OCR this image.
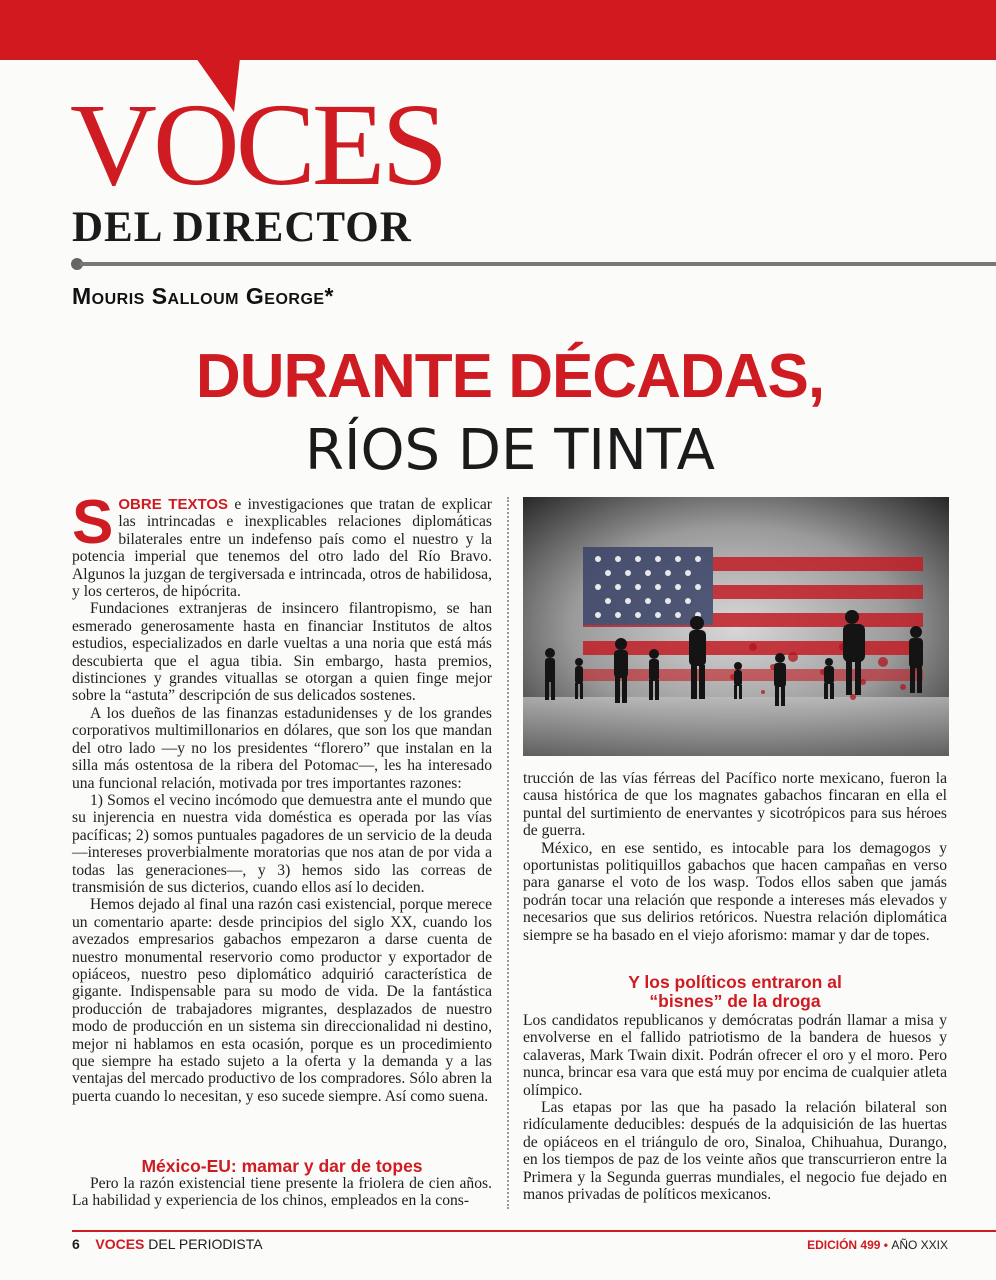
VOCES
DEL DIRECTOR
Mouris Salloum George*
DURANTE DÉCADAS,
RÍOS DE TINTA

SOBRE TEXTOS e investigaciones que tratan de explicar las intrincadas e inexplicables relaciones diplomáticas bilaterales entre un indefenso país como el nuestro y la potencia imperial que tenemos del otro lado del Río Bravo. Algunos la juzgan de tergiversada e intrincada, otros de habilidosa, y los certeros, de hipócrita.

Fundaciones extranjeras de insincero filantropismo, se han esmerado generosamente hasta en financiar Institutos de altos estudios, especializados en darle vueltas a una noria que está más descubierta que el agua tibia. Sin embargo, hasta premios, distinciones y grandes vituallas se otorgan a quien finge mejor sobre la “astuta” descripción de sus delicados sostenes.

A los dueños de las finanzas estadunidenses y de los grandes corporativos multimillonarios en dólares, que son los que mandan del otro lado —y no los presidentes “florero” que instalan en la silla más ostentosa de la ribera del Potomac—, les ha interesado una funcional relación, motivada por tres importantes razones:

1) Somos el vecino incómodo que demuestra ante el mundo que su injerencia en nuestra vida doméstica es operada por las vías pacíficas; 2) somos puntuales pagadores de un servicio de la deuda —intereses proverbialmente moratorias que nos atan de por vida a todas las generaciones—, y 3) hemos sido las correas de transmisión de sus dicterios, cuando ellos así lo deciden.

Hemos dejado al final una razón casi existencial, porque merece un comentario aparte: desde principios del siglo XX, cuando los avezados empresarios gabachos empezaron a darse cuenta de nuestro monumental reservorio como productor y exportador de opiáceos, nuestro peso diplomático adquirió característica de gigante. Indispensable para su modo de vida. De la fantástica producción de trabajadores migrantes, desplazados de nuestro modo de producción en un sistema sin direccionalidad ni destino, mejor ni hablamos en esta ocasión, porque es un procedimiento que siempre ha estado sujeto a la oferta y la demanda y a las ventajas del mercado productivo de los compradores. Sólo abren la puerta cuando lo necesitan, y eso sucede siempre. Así como suena.

México-EU: mamar y dar de topes

Pero la razón existencial tiene presente la friolera de cien años. La habilidad y experiencia de los chinos, empleados en la cons-

trucción de las vías férreas del Pacífico norte mexicano, fueron la causa histórica de que los magnates gabachos fincaran en ella el puntal del surtimiento de enervantes y sicotrópicos para sus héroes de guerra.

México, en ese sentido, es intocable para los demagogos y oportunistas politiquillos gabachos que hacen campañas en verso para ganarse el voto de los wasp. Todos ellos saben que jamás podrán tocar una relación que responde a intereses más elevados y necesarios que sus delirios retóricos. Nuestra relación diplomática siempre se ha basado en el viejo aforismo: mamar y dar de topes.

Y los políticos entraron al
“bisnes” de la droga

Los candidatos republicanos y demócratas podrán llamar a misa y envolverse en el fallido patriotismo de la bandera de huesos y calaveras, Mark Twain dixit. Podrán ofrecer el oro y el moro. Pero nunca, brincar esa vara que está muy por encima de cualquier atleta olímpico.

Las etapas por las que ha pasado la relación bilateral son ridículamente deducibles: después de la adquisición de las huertas de opiáceos en el triángulo de oro, Sinaloa, Chihuahua, Durango, en los tiempos de paz de los veinte años que transcurrieron entre la Primera y la Segunda guerras mundiales, el negocio fue dejado en manos privadas de políticos mexicanos.

6 VOCES DEL PERIODISTA	EDICIÓN 499 • AÑO XXIX
